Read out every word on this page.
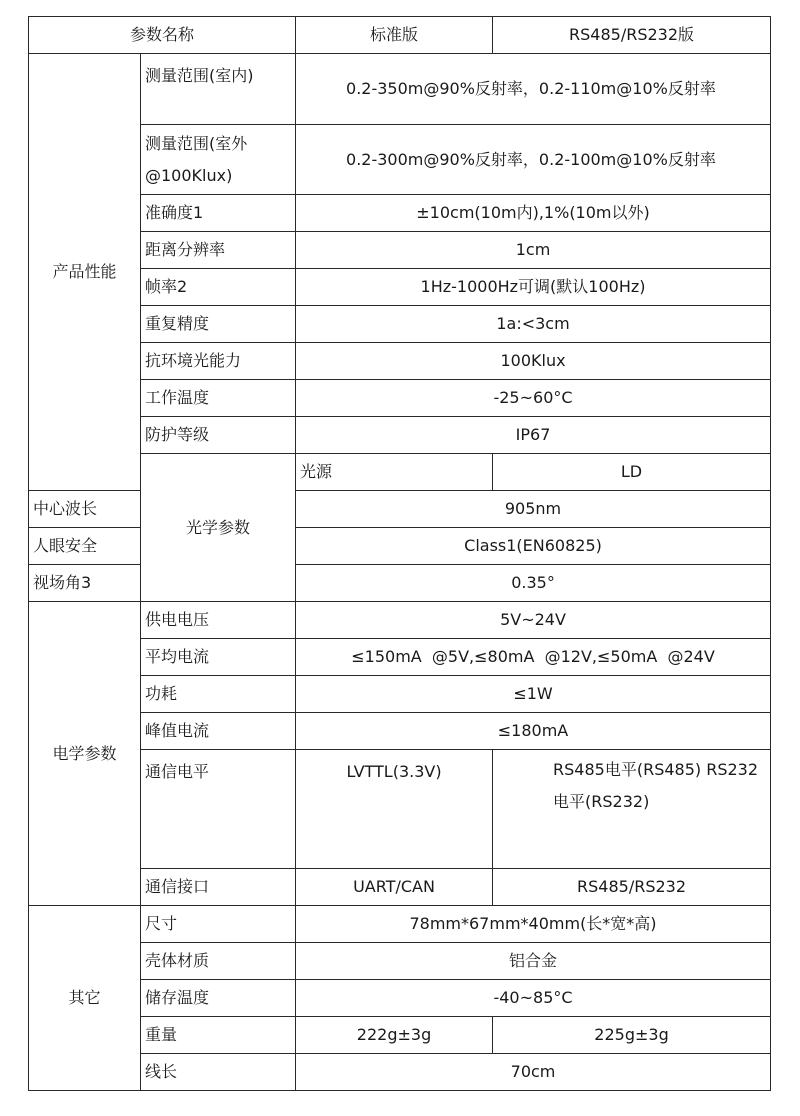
参数名称		标准版	RS485/RS232版
产品性能	测量范围(室内)	0.2-350m@90%反射率，0.2-110m@10%反射率	
	测量范围(室外@100Klux)	0.2-300m@90%反射率，0.2-100m@10%反射率	
	准确度1	±10cm(10m内),1%(10m以外)	
	距离分辨率	1cm	
	帧率2	1Hz-1000Hz可调(默认100Hz)	
	重复精度	1a:<3cm	
	抗环境光能力	100Klux	
	工作温度	-25~60°C	
	防护等级	IP67	
	光学参数	光源	LD
中心波长		905nm	
人眼安全		Class1(EN60825)	
视场角3		0.35°	
电学参数	供电电压	5V~24V	
	平均电流	≤150mA  @5V,≤80mA  @12V,≤50mA  @24V	
	功耗	≤1W	
	峰值电流	≤180mA	
	通信电平	LVTTL(3.3V)	RS485电平(RS485) RS232电平(RS232)
	通信接口	UART/CAN	RS485/RS232
其它	尺寸	78mm*67mm*40mm(长*宽*高)	
	壳体材质	铝合金	
	储存温度	-40~85°C	
	重量	222g±3g	225g±3g
	线长	70cm	
